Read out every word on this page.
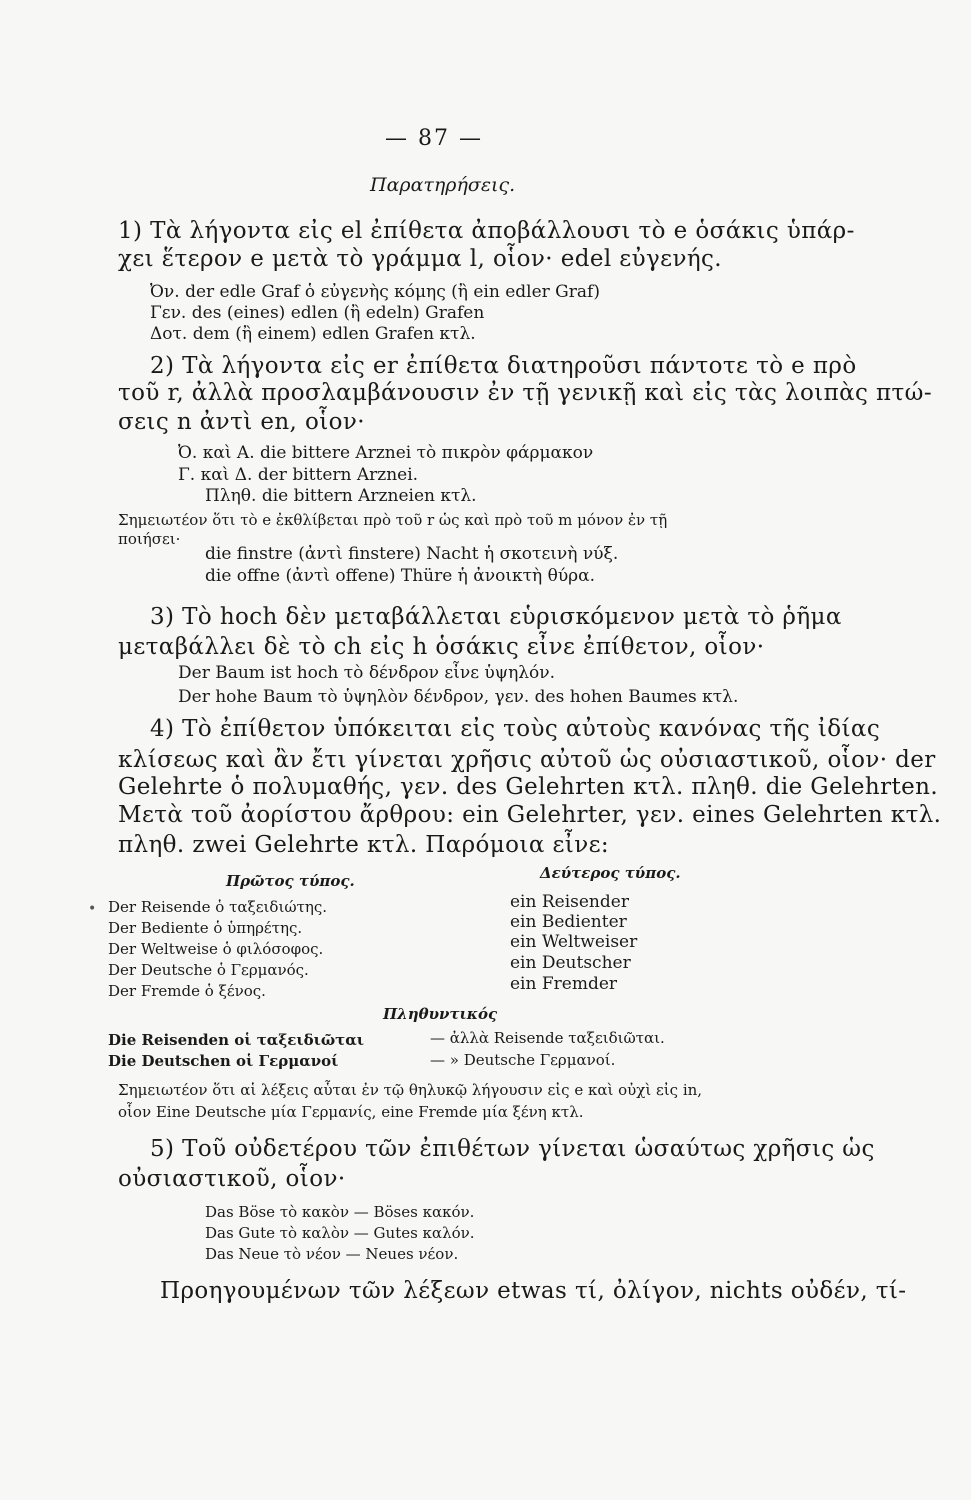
— 87 —
Παρατηρήσεις.
1) Τὰ λήγοντα εἰς el ἐπίθετα ἀποβάλλουσι τὸ e ὁσάκις ὑπάρ-
χει ἕτερον e μετὰ τὸ γράμμα l, οἷον· edel εὐγενής.
Ὀν. der edle Graf ὁ εὐγενὴς κόμης (ἢ ein edler Graf)
Γεν. des (eines) edlen (ἢ edeln) Grafen
Δοτ. dem (ἢ einem) edlen Grafen κτλ.
2) Τὰ λήγοντα εἰς er ἐπίθετα διατηροῦσι πάντοτε τὸ e πρὸ
τοῦ r, ἀλλὰ προσλαμβάνουσιν ἐν τῇ γενικῇ καὶ εἰς τὰς λοιπὰς πτώ-
σεις n ἀντὶ en, οἷον·
Ὀ. καὶ Α. die bittere Arznei τὸ πικρὸν φάρμακον
Γ. καὶ Δ. der bittern Arznei.
Πληθ. die bittern Arzneien κτλ.
Σημειωτέον ὅτι τὸ e ἐκθλίβεται πρὸ τοῦ r ὡς καὶ πρὸ τοῦ m μόνον ἐν τῇ
ποιήσει·
die finstre (ἀντὶ finstere) Nacht ἡ σκοτεινὴ νύξ.
die offne (ἀντὶ offene) Thüre ἡ ἀνοικτὴ θύρα.
3) Τὸ hoch δὲν μεταβάλλεται εὑρισκόμενον μετὰ τὸ ῥῆμα
μεταβάλλει δὲ τὸ ch εἰς h ὁσάκις εἶνε ἐπίθετον, οἷον·
Der Baum ist hoch τὸ δένδρον εἶνε ὑψηλόν.
Der hohe Baum τὸ ὑψηλὸν δένδρον, γεν. des hohen Baumes κτλ.
4) Τὸ ἐπίθετον ὑπόκειται εἰς τοὺς αὐτοὺς κανόνας τῆς ἰδίας
κλίσεως καὶ ἂν ἔτι γίνεται χρῆσις αὐτοῦ ὡς οὐσιαστικοῦ, οἷον· der
Gelehrte ὁ πολυμαθής, γεν. des Gelehrten κτλ. πληθ. die Gelehrten.
Μετὰ τοῦ ἀορίστου ἄρθρου: ein Gelehrter, γεν. eines Gelehrten κτλ.
πληθ. zwei Gelehrte κτλ. Παρόμοια εἶνε:
Πρῶτος τύπος.	Δεύτερος τύπος.
• Der Reisende ὁ ταξειδιώτης.
Der Bediente ὁ ὑπηρέτης.
Der Weltweise ὁ φιλόσοφος.
Der Deutsche ὁ Γερμανός.
Der Fremde ὁ ξένος.
ein Reisender
ein Bedienter
ein Weltweiser
ein Deutscher
ein Fremder
Πληθυντικός
Die Reisenden οἱ ταξειδιῶται
Die Deutschen οἱ Γερμανοί
— ἀλλὰ Reisende ταξειδιῶται.
— » Deutsche Γερμανοί.
Σημειωτέον ὅτι αἱ λέξεις αὗται ἐν τῷ θηλυκῷ λήγουσιν εἰς e καὶ οὐχὶ εἰς in,
οἷον Eine Deutsche μία Γερμανίς, eine Fremde μία ξένη κτλ.
5) Τοῦ οὐδετέρου τῶν ἐπιθέτων γίνεται ὡσαύτως χρῆσις ὡς
οὐσιαστικοῦ, οἷον·
Das Böse τὸ κακὸν — Böses κακόν.
Das Gute τὸ καλὸν — Gutes καλόν.
Das Neue τὸ νέον — Neues νέον.
Προηγουμένων τῶν λέξεων etwas τί, ὀλίγον, nichts οὐδέν, τί-
